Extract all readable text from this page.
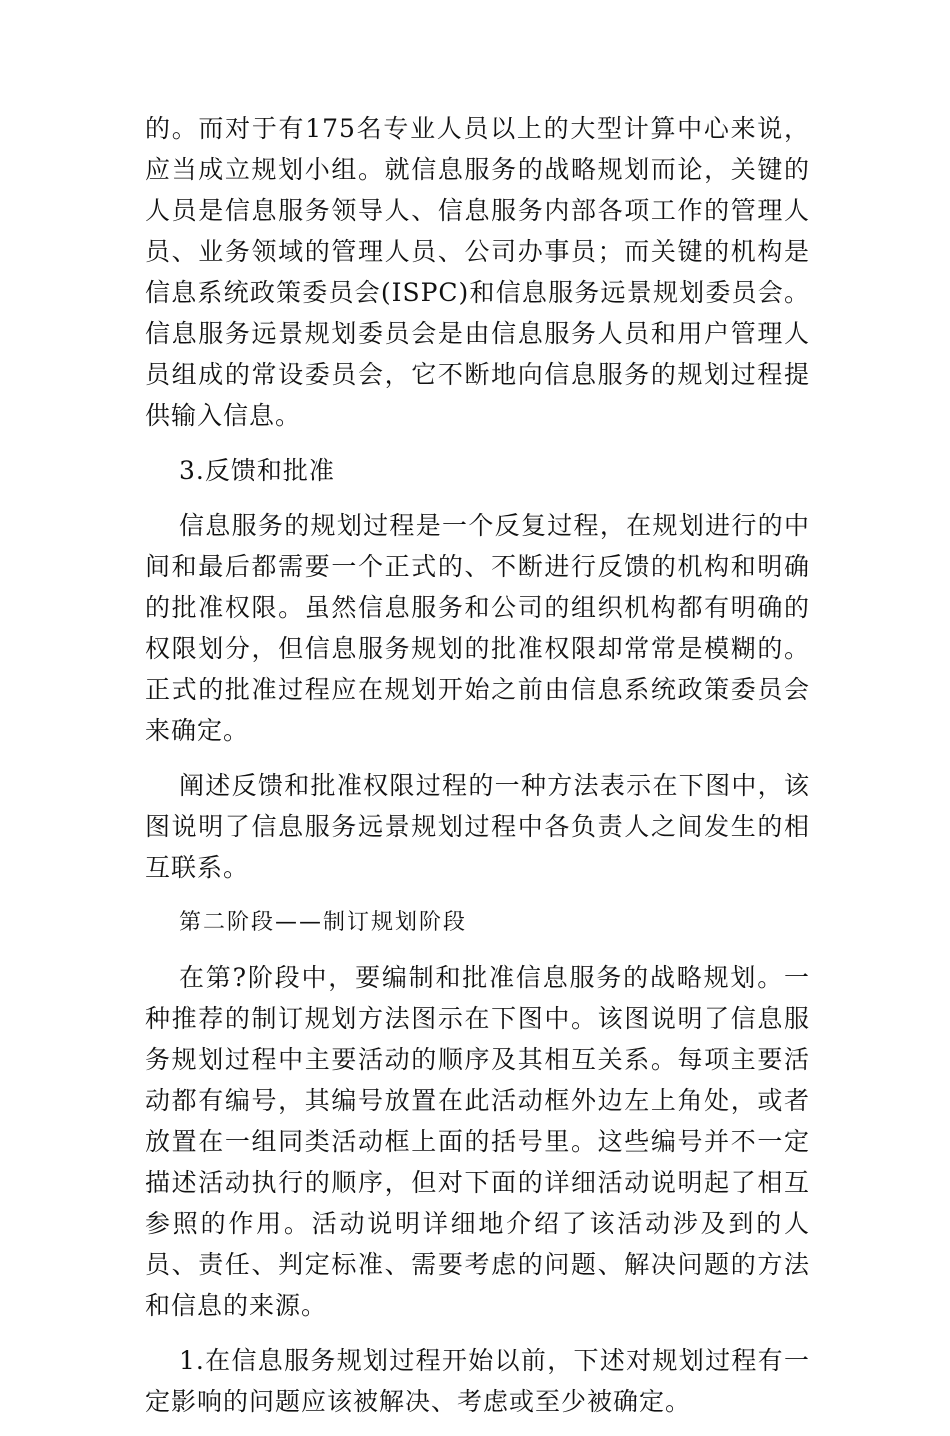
的。而对于有175名专业人员以上的大型计算中心来说，应当成立规划小组。就信息服务的战略规划而论，关键的人员是信息服务领导人、信息服务内部各项工作的管理人员、业务领域的管理人员、公司办事员；而关键的机构是信息系统政策委员会(ISPC)和信息服务远景规划委员会。信息服务远景规划委员会是由信息服务人员和用户管理人员组成的常设委员会，它不断地向信息服务的规划过程提供输入信息。

3.反馈和批准

信息服务的规划过程是一个反复过程，在规划进行的中间和最后都需要一个正式的、不断进行反馈的机构和明确的批准权限。虽然信息服务和公司的组织机构都有明确的权限划分，但信息服务规划的批准权限却常常是模糊的。正式的批准过程应在规划开始之前由信息系统政策委员会来确定。

阐述反馈和批准权限过程的一种方法表示在下图中，该图说明了信息服务远景规划过程中各负责人之间发生的相互联系。

第二阶段——制订规划阶段

在第?阶段中，要编制和批准信息服务的战略规划。一种推荐的制订规划方法图示在下图中。该图说明了信息服务规划过程中主要活动的顺序及其相互关系。每项主要活动都有编号，其编号放置在此活动框外边左上角处，或者放置在一组同类活动框上面的括号里。这些编号并不一定描述活动执行的顺序，但对下面的详细活动说明起了相互参照的作用。活动说明详细地介绍了该活动涉及到的人员、责任、判定标准、需要考虑的问题、解决问题的方法和信息的来源。

1.在信息服务规划过程开始以前，下述对规划过程有一定影响的问题应该被解决、考虑或至少被确定。
